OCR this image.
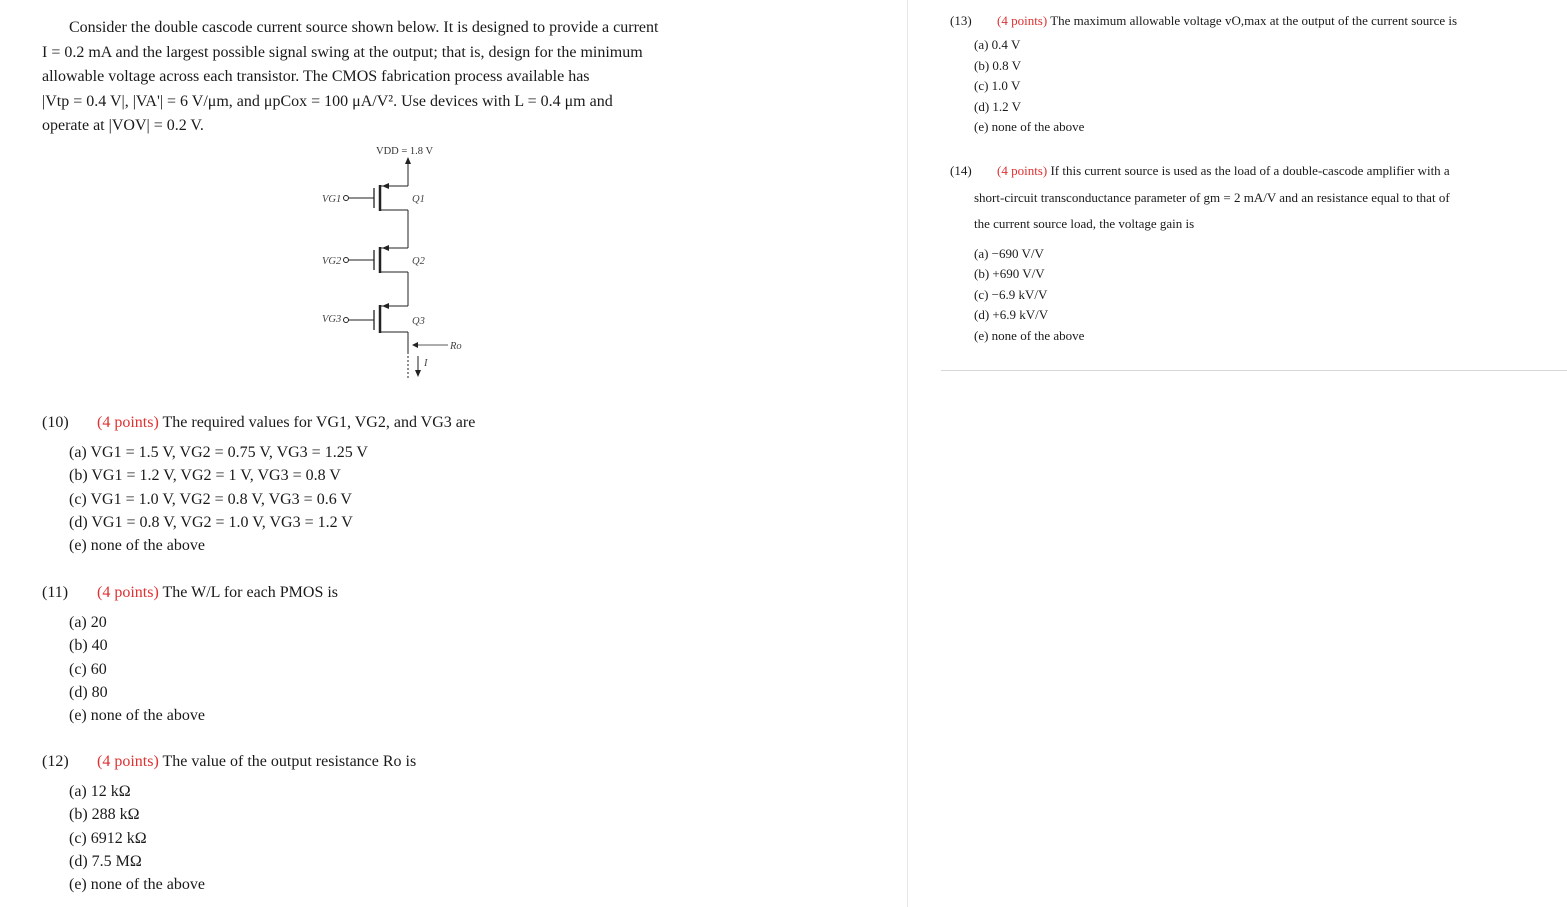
Consider the double cascode current source shown below. It is designed to provide a current

I = 0.2 mA and the largest possible signal swing at the output; that is, design for the minimum

allowable voltage across each transistor. The CMOS fabrication process available has

|Vtp = 0.4 V|, |VA'| = 6 V/μm, and μpCox = 100 μA/V². Use devices with L = 0.4 μm and

operate at |VOV| = 0.2 V.

VDD = 1.8 V
VG1	Q1
VG2	Q2
VG3	Q3
Ro
I
(10) (4 points) The required values for VG1, VG2, and VG3 are
(a) VG1 = 1.5 V, VG2 = 0.75 V, VG3 = 1.25 V
(b) VG1 = 1.2 V, VG2 = 1 V, VG3 = 0.8 V
(c) VG1 = 1.0 V, VG2 = 0.8 V, VG3 = 0.6 V
(d) VG1 = 0.8 V, VG2 = 1.0 V, VG3 = 1.2 V
(e) none of the above
(11) (4 points) The W/L for each PMOS is
(a) 20
(b) 40
(c) 60
(d) 80
(e) none of the above
(12) (4 points) The value of the output resistance Ro is
(a) 12 kΩ
(b) 288 kΩ
(c) 6912 kΩ
(d) 7.5 MΩ
(e) none of the above
(13) (4 points) The maximum allowable voltage vO,max at the output of the current source is
(a) 0.4 V
(b) 0.8 V
(c) 1.0 V
(d) 1.2 V
(e) none of the above
(14) (4 points) If this current source is used as the load of a double-cascode amplifier with a
short-circuit transconductance parameter of gm = 2 mA/V and an resistance equal to that of
the current source load, the voltage gain is
(a) −690 V/V
(b) +690 V/V
(c) −6.9 kV/V
(d) +6.9 kV/V
(e) none of the above
